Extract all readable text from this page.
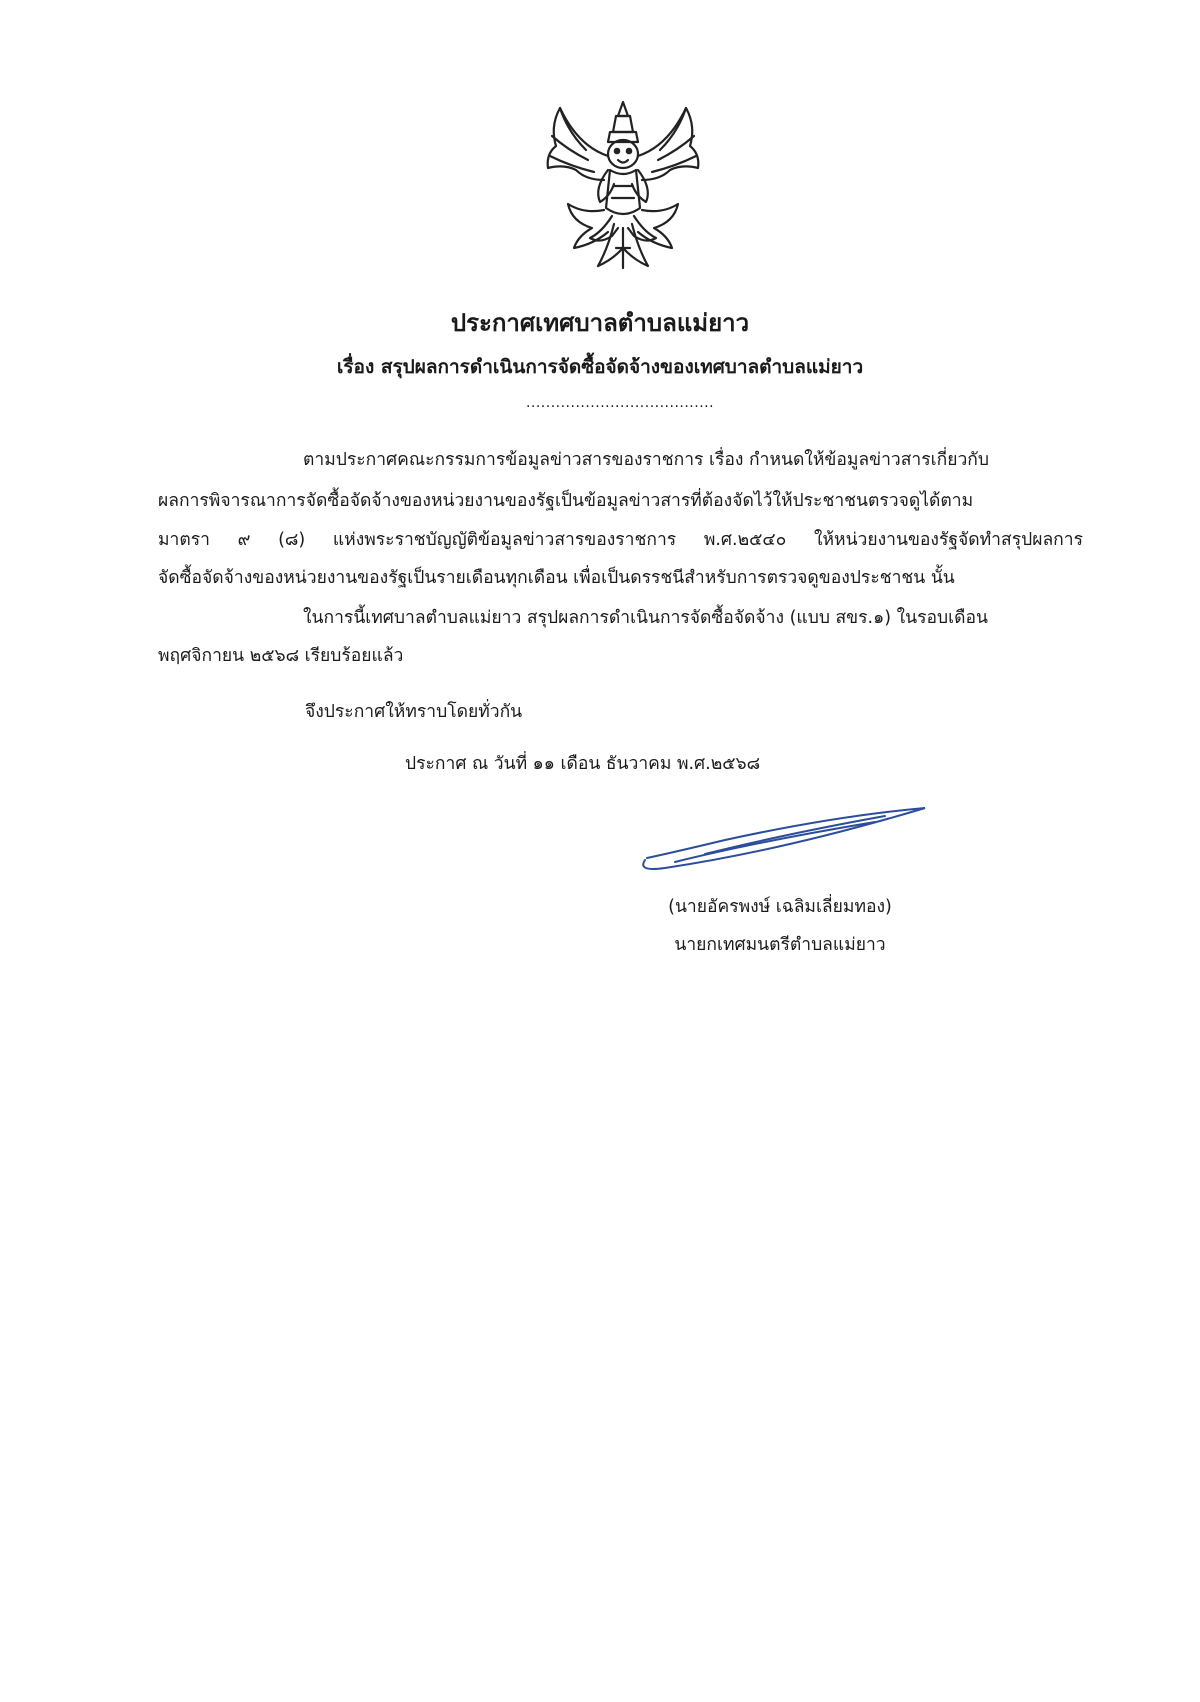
ประกาศเทศบาลตำบลแม่ยาว
เรื่อง สรุปผลการดำเนินการจัดซื้อจัดจ้างของเทศบาลตำบลแม่ยาว
......................................
ตามประกาศคณะกรรมการข้อมูลข่าวสารของราชการ เรื่อง กำหนดให้ข้อมูลข่าวสารเกี่ยวกับ
ผลการพิจารณาการจัดซื้อจัดจ้างของหน่วยงานของรัฐเป็นข้อมูลข่าวสารที่ต้องจัดไว้ให้ประชาชนตรวจดูได้ตาม
มาตรา ๙ (๘) แห่งพระราชบัญญัติข้อมูลข่าวสารของราชการ พ.ศ.๒๕๔๐ ให้หน่วยงานของรัฐจัดทำสรุปผลการ
จัดซื้อจัดจ้างของหน่วยงานของรัฐเป็นรายเดือนทุกเดือน เพื่อเป็นดรรชนีสำหรับการตรวจดูของประชาชน นั้น
ในการนี้เทศบาลตำบลแม่ยาว สรุปผลการดำเนินการจัดซื้อจัดจ้าง (แบบ สขร.๑) ในรอบเดือน
พฤศจิกายน ๒๕๖๘ เรียบร้อยแล้ว
จึงประกาศให้ทราบโดยทั่วกัน
ประกาศ ณ วันที่ ๑๑ เดือน ธันวาคม พ.ศ.๒๕๖๘
(นายอัครพงษ์ เฉลิมเลี่ยมทอง)
นายกเทศมนตรีตำบลแม่ยาว
